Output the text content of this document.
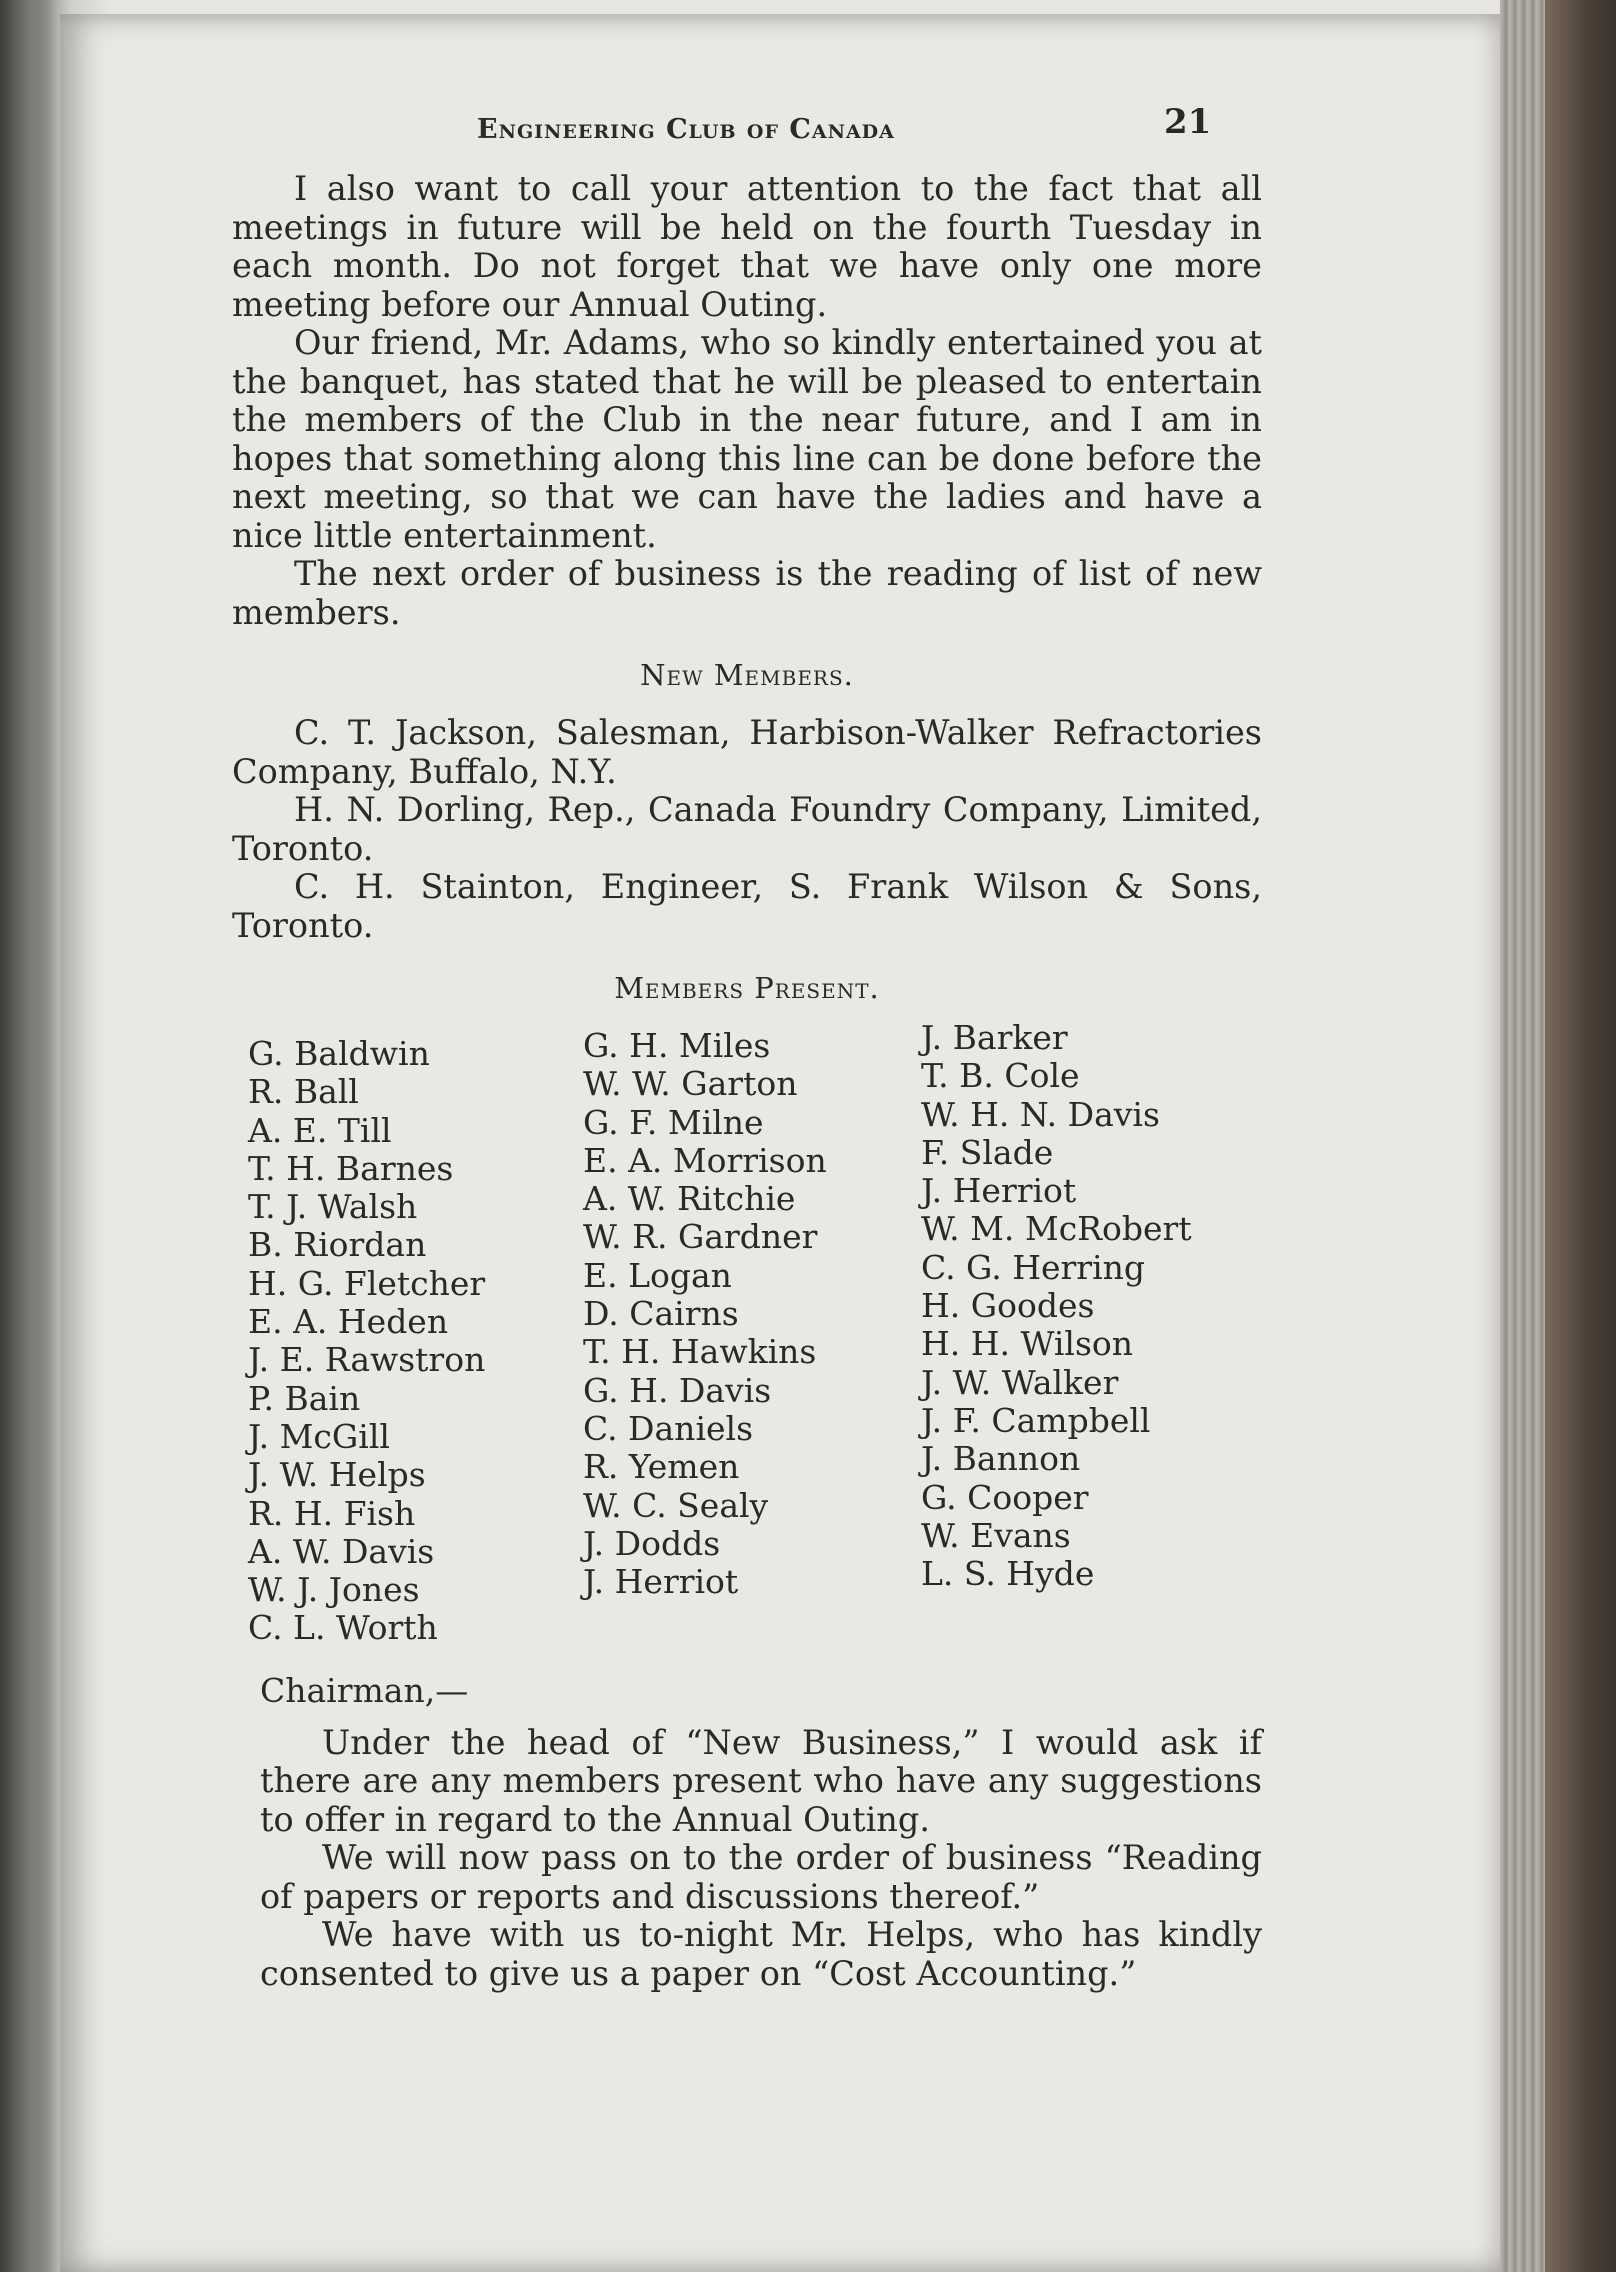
Engineering Club of Canada	21

I also want to call your attention to the fact that all meetings in future will be held on the fourth Tuesday in each month. Do not forget that we have only one more meeting before our Annual Outing.

Our friend, Mr. Adams, who so kindly entertained you at the banquet, has stated that he will be pleased to entertain the members of the Club in the near future, and I am in hopes that something along this line can be done before the next meeting, so that we can have the ladies and have a nice little entertainment.

The next order of business is the reading of list of new members.

New Members.

C. T. Jackson, Salesman, Harbison-Walker Refractories Company, Buffalo, N.Y.

H. N. Dorling, Rep., Canada Foundry Company, Limited, Toronto.

C. H. Stainton, Engineer, S. Frank Wilson & Sons, Toronto.

Members Present.
G. Baldwin
R. Ball
A. E. Till
T. H. Barnes
T. J. Walsh
B. Riordan
H. G. Fletcher
E. A. Heden
J. E. Rawstron
P. Bain
J. McGill
J. W. Helps
R. H. Fish
A. W. Davis
W. J. Jones
C. L. Worth
G. H. Miles
W. W. Garton
G. F. Milne
E. A. Morrison
A. W. Ritchie
W. R. Gardner
E. Logan
D. Cairns
T. H. Hawkins
G. H. Davis
C. Daniels
R. Yemen
W. C. Sealy
J. Dodds
J. Herriot
J. Barker
T. B. Cole
W. H. N. Davis
F. Slade
J. Herriot
W. M. McRobert
C. G. Herring
H. Goodes
H. H. Wilson
J. W. Walker
J. F. Campbell
J. Bannon
G. Cooper
W. Evans
L. S. Hyde
Chairman,—

Under the head of “New Business,” I would ask if there are any members present who have any suggestions to offer in regard to the Annual Outing.

We will now pass on to the order of business “Reading of papers or reports and discussions thereof.”

We have with us to-night Mr. Helps, who has kindly consented to give us a paper on “Cost Accounting.”
